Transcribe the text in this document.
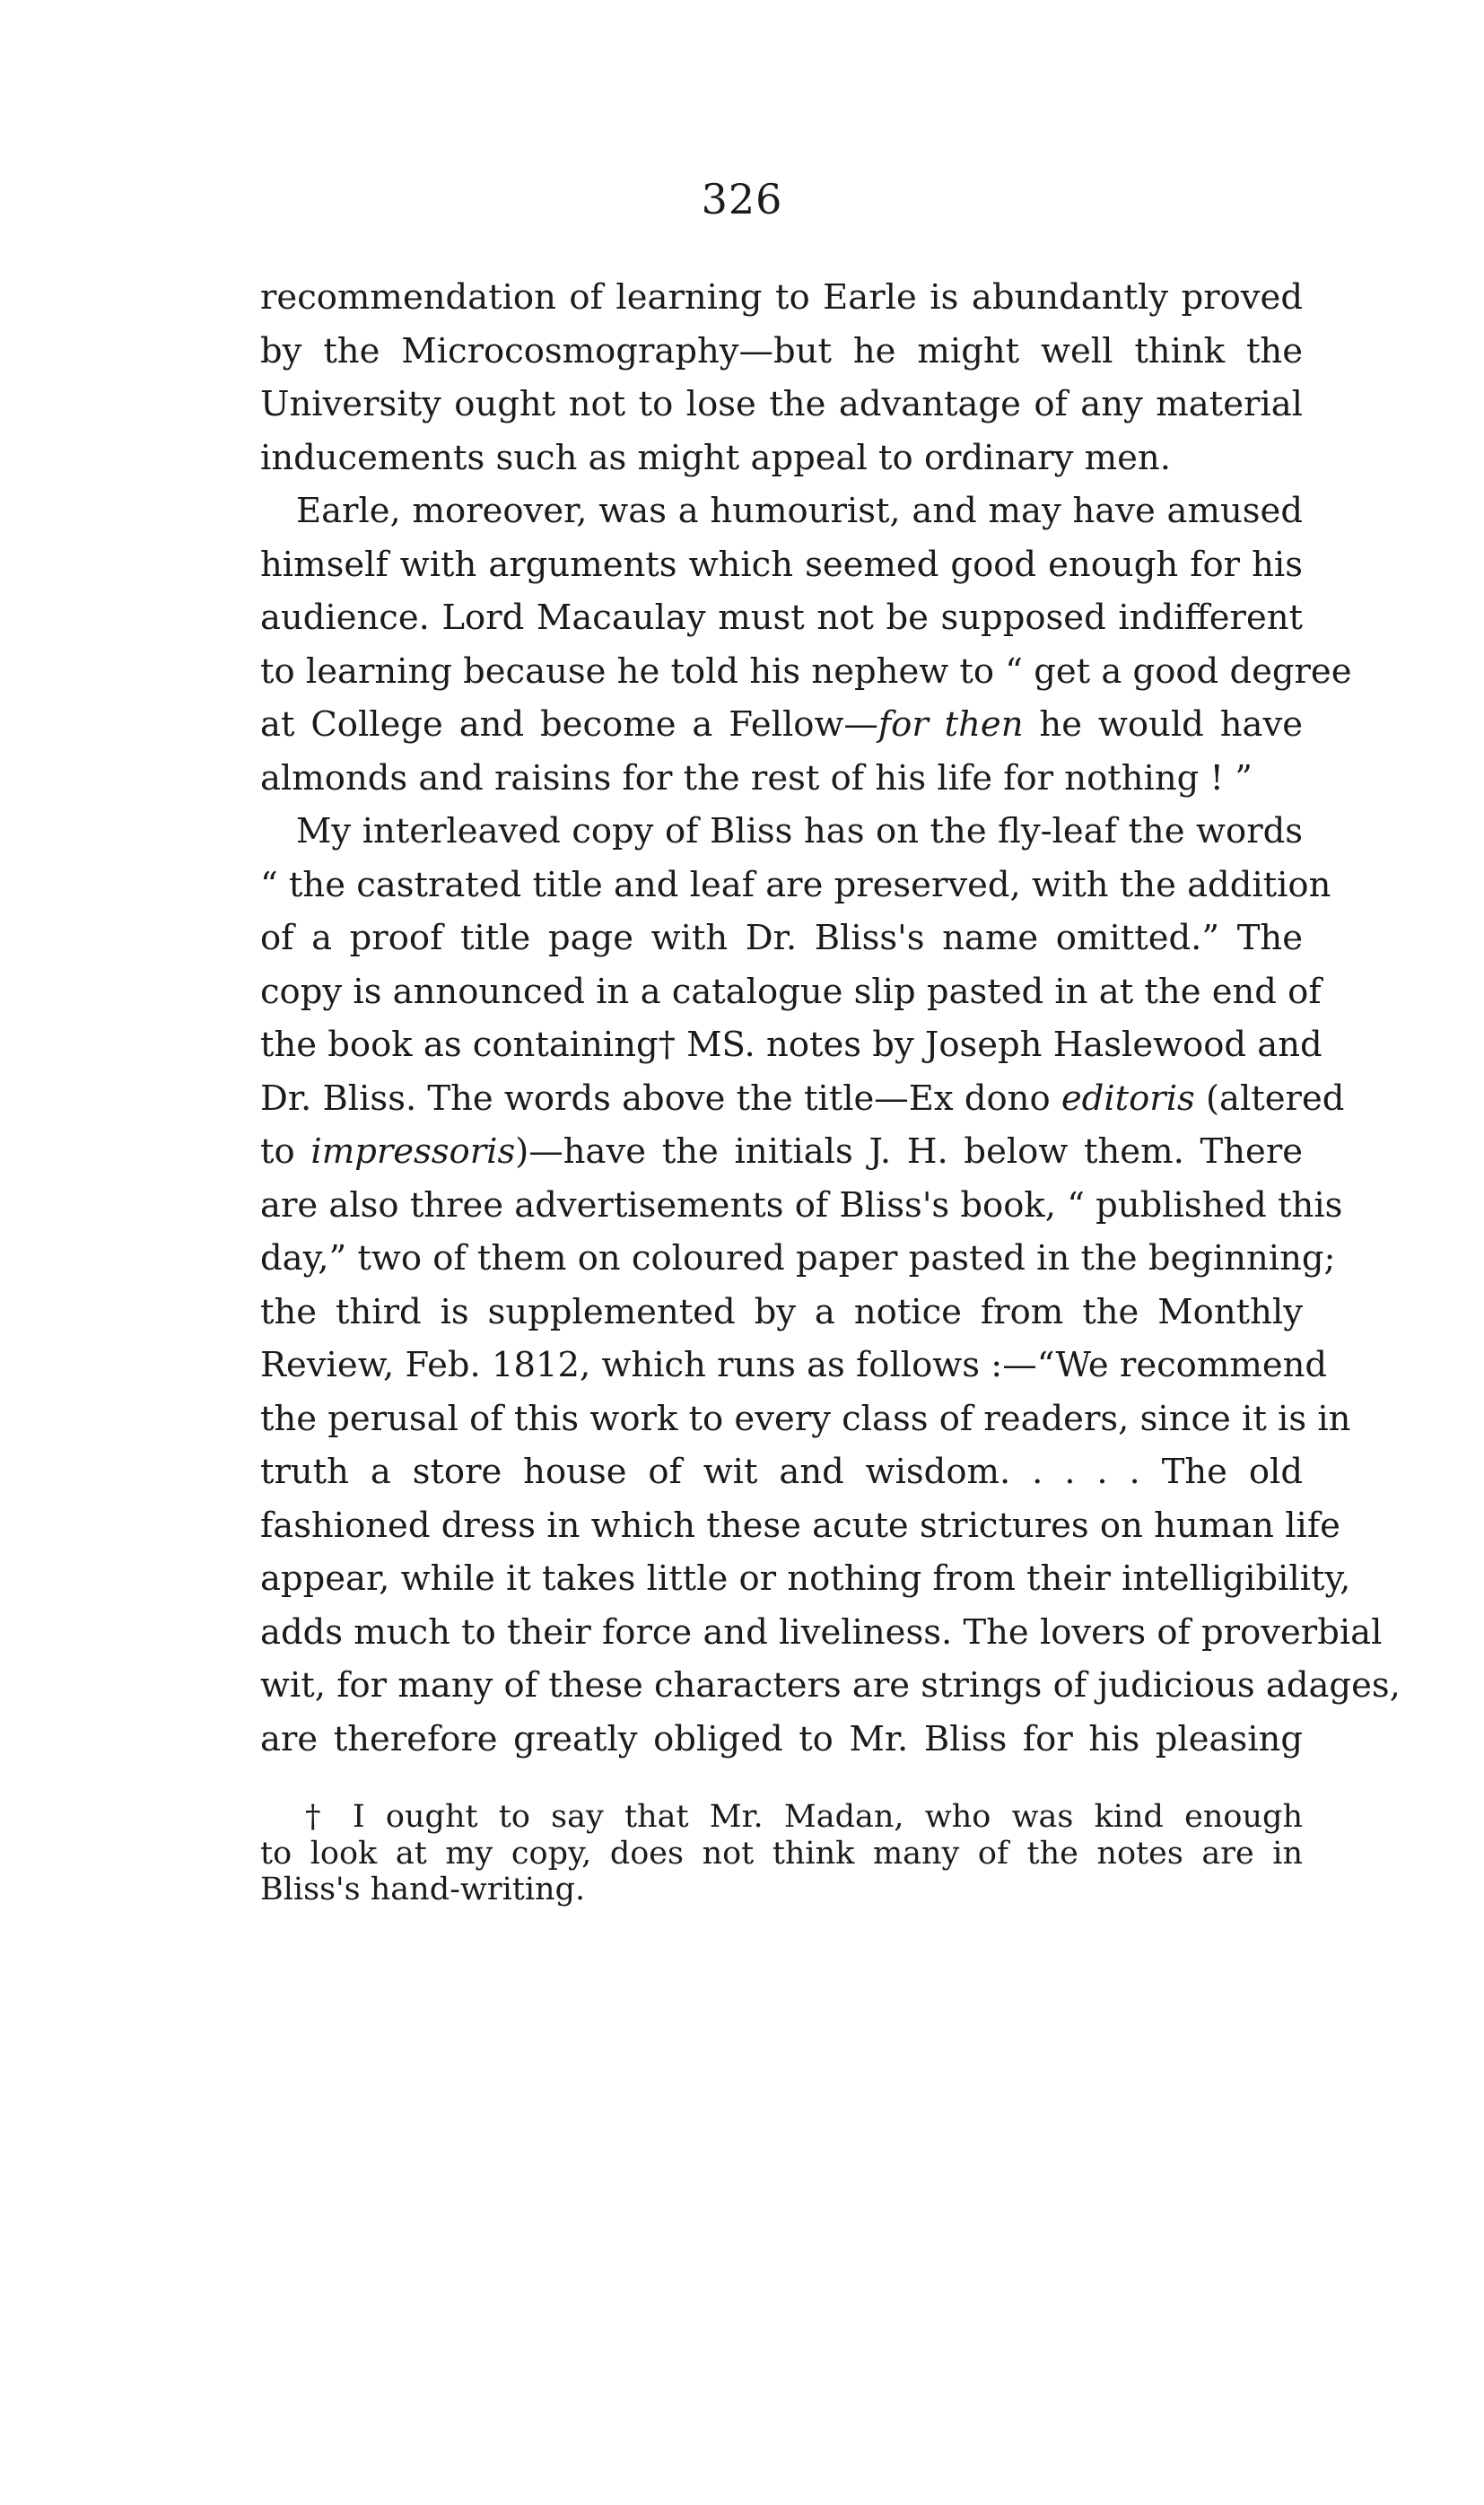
326
recommendation of learning to Earle is abundantly proved
by the Microcosmography—but he might well think the
University ought not to lose the advantage of any material
inducements such as might appeal to ordinary men.
Earle, moreover, was a humourist, and may have amused
himself with arguments which seemed good enough for his
audience. Lord Macaulay must not be supposed indifferent
to learning because he told his nephew to “ get a good degree
at College and become a Fellow—for then he would have
almonds and raisins for the rest of his life for nothing ! ”
My interleaved copy of Bliss has on the fly-leaf the words
“ the castrated title and leaf are preserved, with the addition
of a proof title page with Dr. Bliss's name omitted.” The
copy is announced in a catalogue slip pasted in at the end of
the book as containing† MS. notes by Joseph Haslewood and
Dr. Bliss. The words above the title—Ex dono editoris (altered
to impressoris)—have the initials J. H. below them. There
are also three advertisements of Bliss's book, “ published this
day,” two of them on coloured paper pasted in the beginning;
the third is supplemented by a notice from the Monthly
Review, Feb. 1812, which runs as follows :—“We recommend
the perusal of this work to every class of readers, since it is in
truth a store house of wit and wisdom. . . . . The old
fashioned dress in which these acute strictures on human life
appear, while it takes little or nothing from their intelligibility,
adds much to their force and liveliness. The lovers of proverbial
wit, for many of these characters are strings of judicious adages,
are therefore greatly obliged to Mr. Bliss for his pleasing
† I ought to say that Mr. Madan, who was kind enough
to look at my copy, does not think many of the notes are in
Bliss's hand-writing.
